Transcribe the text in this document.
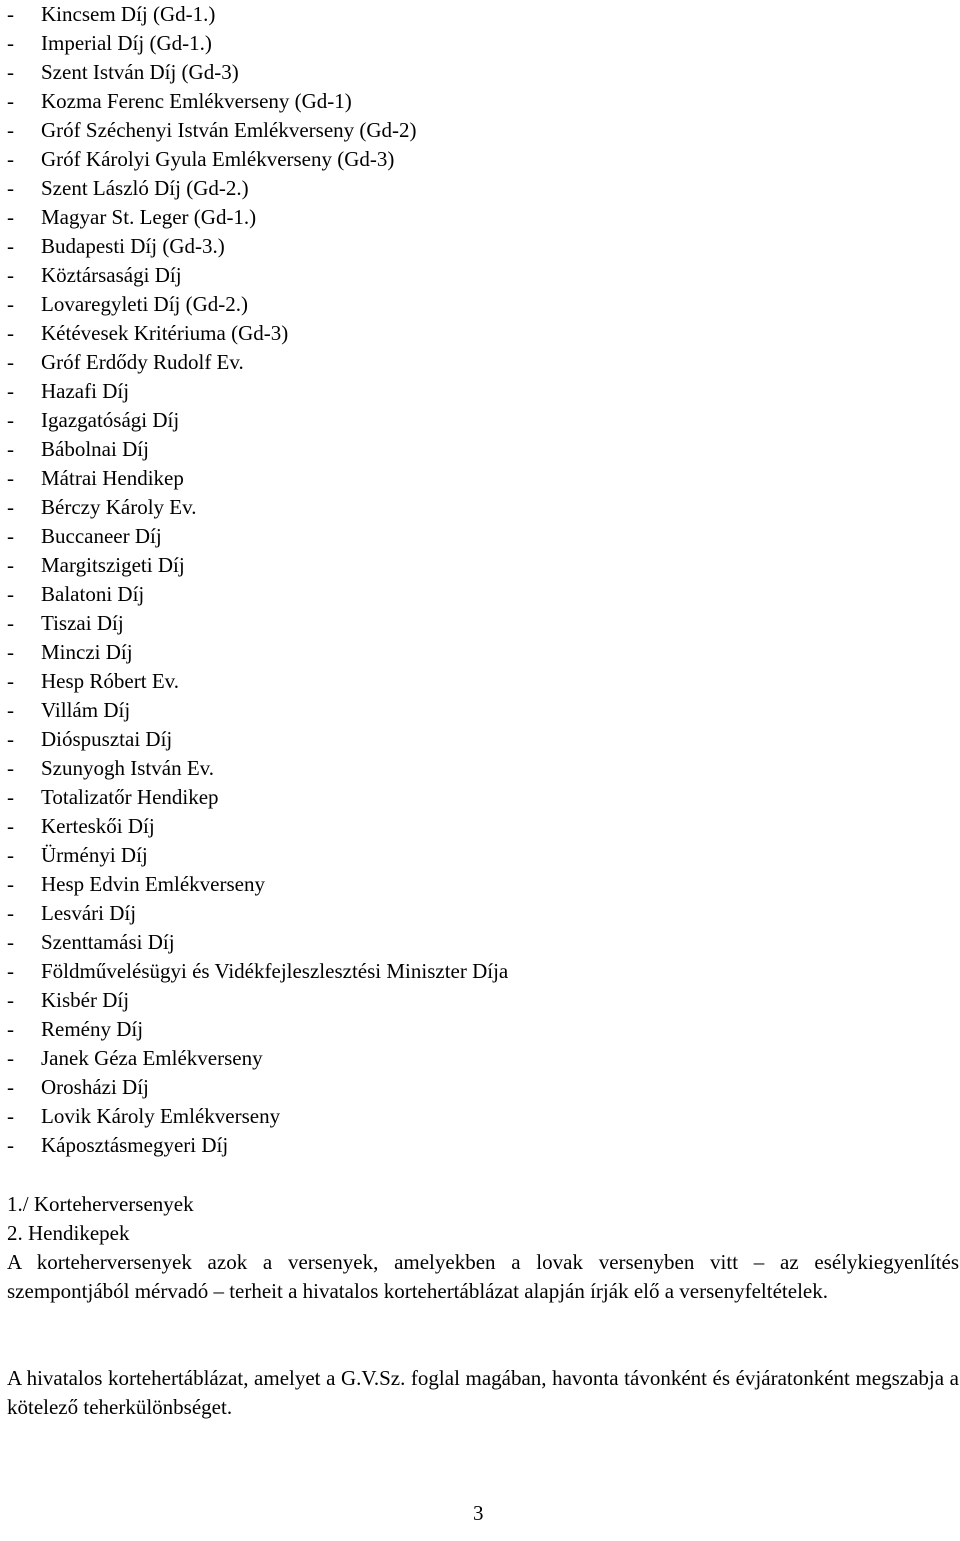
- Kincsem Díj (Gd-1.)
- Imperial Díj (Gd-1.)
- Szent István Díj (Gd-3)
- Kozma Ferenc Emlékverseny (Gd-1)
- Gróf Széchenyi István Emlékverseny (Gd-2)
- Gróf Károlyi Gyula Emlékverseny (Gd-3)
- Szent László Díj (Gd-2.)
- Magyar St. Leger (Gd-1.)
- Budapesti Díj (Gd-3.)
- Köztársasági Díj
- Lovaregyleti Díj (Gd-2.)
- Kétévesek Kritériuma (Gd-3)
- Gróf Erdődy Rudolf Ev.
- Hazafi Díj
- Igazgatósági Díj
- Bábolnai Díj
- Mátrai Hendikep
- Bérczy Károly Ev.
- Buccaneer Díj
- Margitszigeti Díj
- Balatoni Díj
- Tiszai Díj
- Minczi Díj
- Hesp Róbert Ev.
- Villám Díj
- Dióspusztai Díj
- Szunyogh István Ev.
- Totalizatőr Hendikep
- Kerteskői Díj
- Ürményi Díj
- Hesp Edvin Emlékverseny
- Lesvári Díj
- Szenttamási Díj
- Földművelésügyi és Vidékfejleszlesztési Miniszter Díja
- Kisbér Díj
- Remény Díj
- Janek Géza Emlékverseny
- Orosházi Díj
- Lovik Károly Emlékverseny
- Káposztásmegyeri Díj
1./ Korteherversenyek
2. Hendikepek

A korteherversenyek azok a versenyek, amelyekben a lovak versenyben vitt – az esélykiegyenlítés szempontjából mérvadó – terheit a hivatalos kortehertáblázat alapján írják elő a versenyfeltételek.

A hivatalos kortehertáblázat, amelyet a G.V.Sz. foglal magában, havonta távonként és évjáratonként megszabja a kötelező teherkülönbséget.

3
